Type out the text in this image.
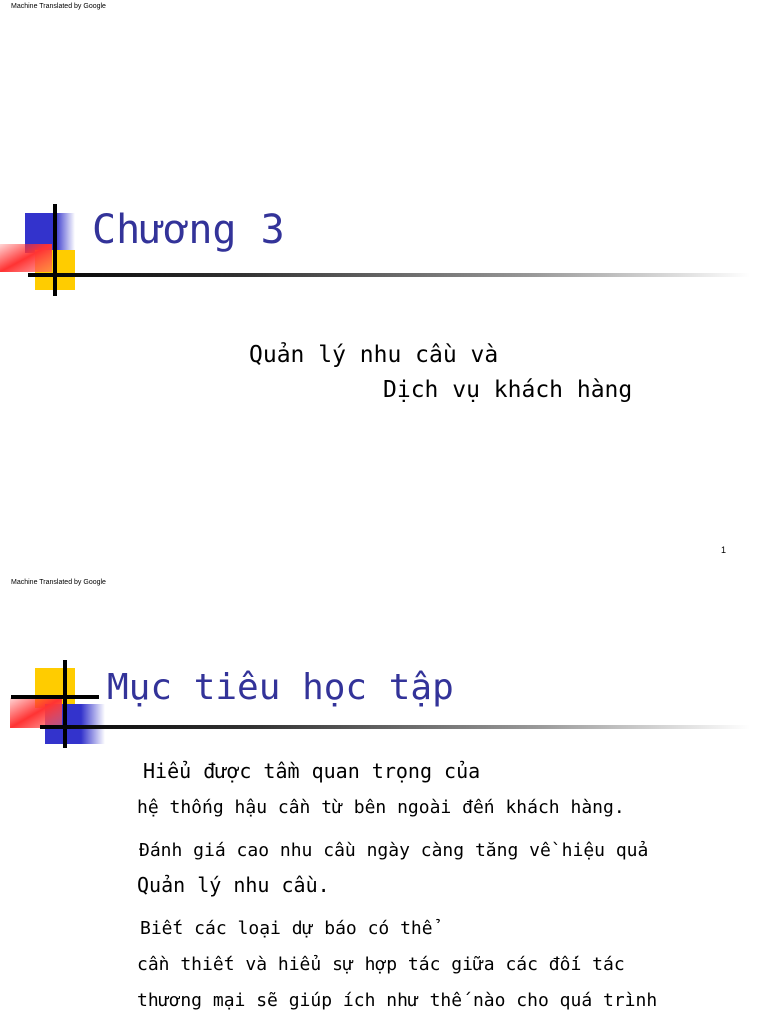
Machine Translated by Google
Chương 3
Quản lý nhu cầu và
Dịch vụ khách hàng
1
Machine Translated by Google
Mục tiêu học tập
Hiểu được tầm quan trọng của
hệ thống hậu cần từ bên ngoài đến khách hàng.
Đánh giá cao nhu cầu ngày càng tăng về hiệu quả
Quản lý nhu cầu.
Biết các loại dự báo có thể
cần thiết và hiểu sự hợp tác giữa các đối tác
thương mại sẽ giúp ích như thế nào cho quá trình
